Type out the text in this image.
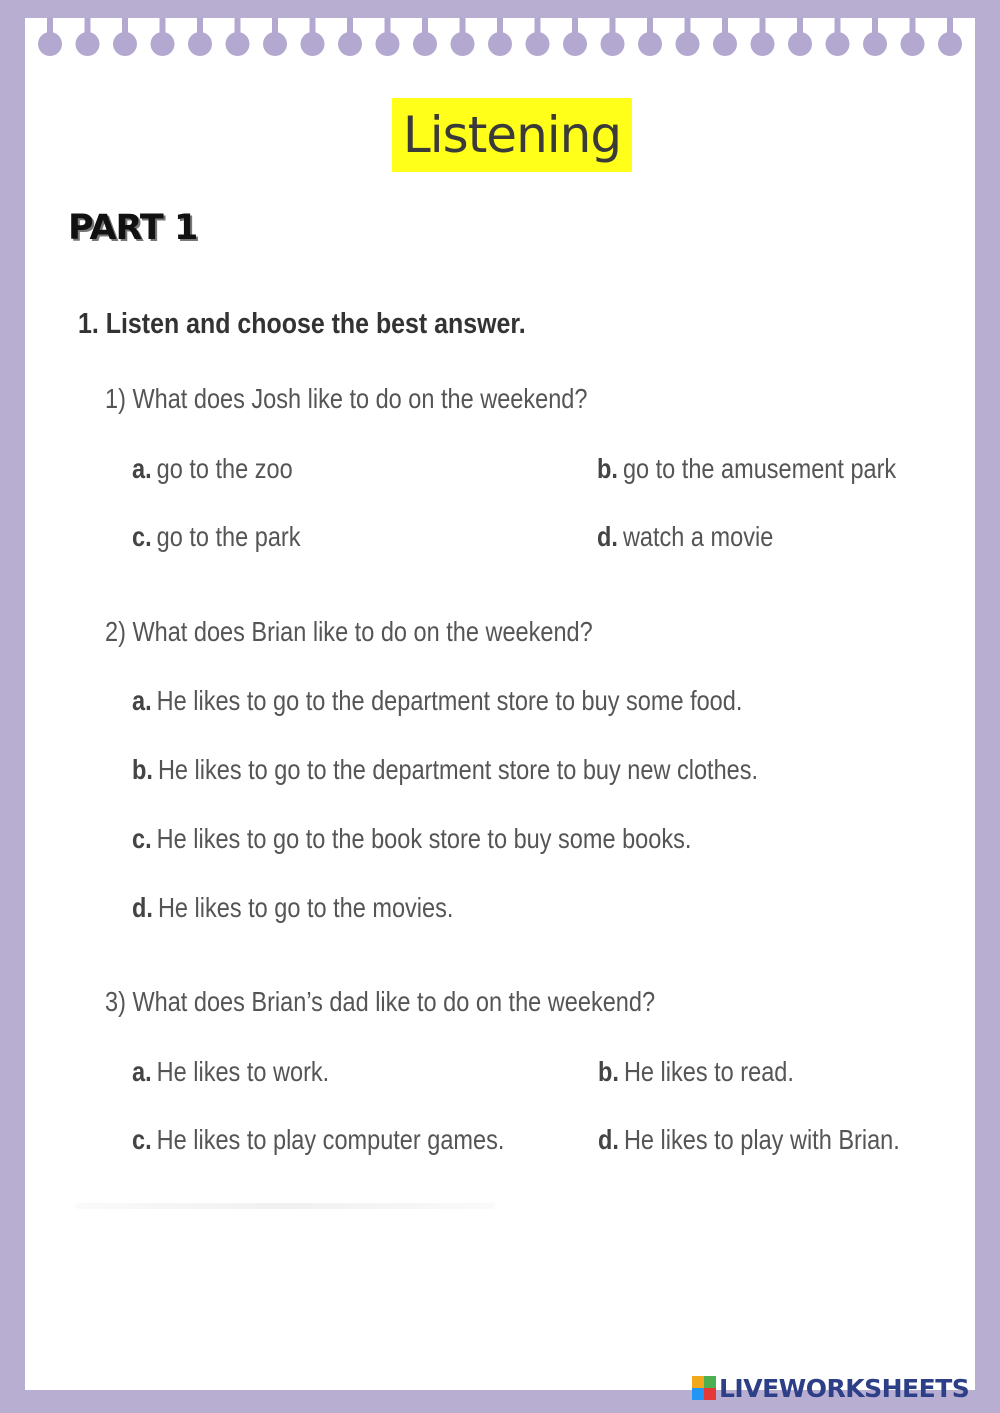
Listening
PART 1
1. Listen and choose the best answer.
1) What does Josh like to do on the weekend?
a. go to the zoo	b. go to the amusement park
c. go to the park	d. watch a movie
2) What does Brian like to do on the weekend?
a. He likes to go to the department store to buy some food.
b. He likes to go to the department store to buy new clothes.
c. He likes to go to the book store to buy some books.
d. He likes to go to the movies.
3) What does Brian’s dad like to do on the weekend?
a. He likes to work.	b. He likes to read.
c. He likes to play computer games.	d. He likes to play with Brian.
LIVEWORKSHEETS
